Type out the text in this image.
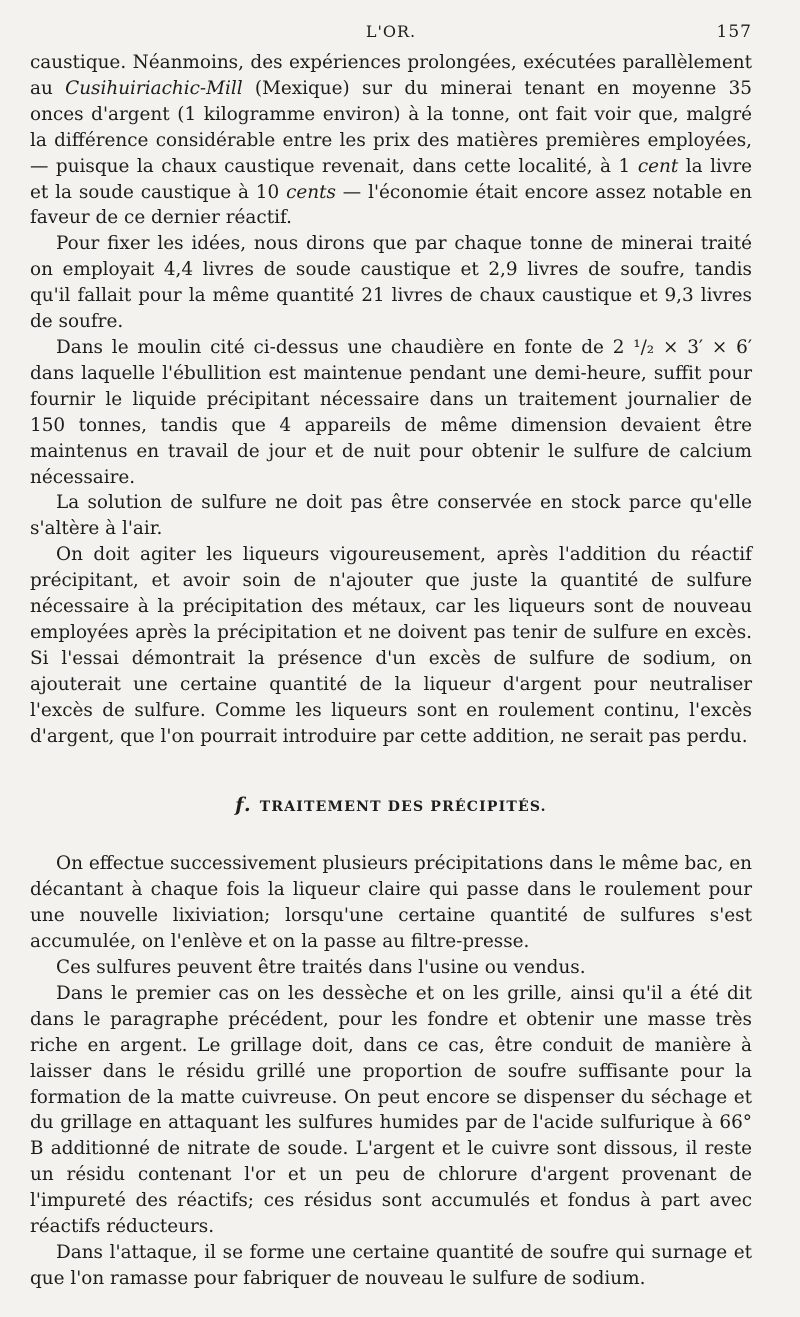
L'OR.	157

caustique. Néanmoins, des expériences prolongées, exécutées parallèlement au Cusihuiriachic-Mill (Mexique) sur du minerai tenant en moyenne 35 onces d'argent (1 kilogramme environ) à la tonne, ont fait voir que, malgré la différence considérable entre les prix des matières premières employées, — puisque la chaux caustique revenait, dans cette localité, à 1 cent la livre et la soude caustique à 10 cents — l'économie était encore assez notable en faveur de ce dernier réactif.

Pour fixer les idées, nous dirons que par chaque tonne de minerai traité on employait 4,4 livres de soude caustique et 2,9 livres de soufre, tandis qu'il fallait pour la même quantité 21 livres de chaux caustique et 9,3 livres de soufre.

Dans le moulin cité ci-dessus une chaudière en fonte de 2 ¹/₂ × 3′ × 6′ dans laquelle l'ébullition est maintenue pendant une demi-heure, suffit pour fournir le liquide précipitant nécessaire dans un traitement journalier de 150 tonnes, tandis que 4 appareils de même dimension devaient être maintenus en travail de jour et de nuit pour obtenir le sulfure de calcium nécessaire.

La solution de sulfure ne doit pas être conservée en stock parce qu'elle s'altère à l'air.

On doit agiter les liqueurs vigoureusement, après l'addition du réactif précipitant, et avoir soin de n'ajouter que juste la quantité de sulfure nécessaire à la précipitation des métaux, car les liqueurs sont de nouveau employées après la précipitation et ne doivent pas tenir de sulfure en excès. Si l'essai démontrait la présence d'un excès de sulfure de sodium, on ajouterait une certaine quantité de la liqueur d'argent pour neutraliser l'excès de sulfure. Comme les liqueurs sont en roulement continu, l'excès d'argent, que l'on pourrait introduire par cette addition, ne serait pas perdu.

f. TRAITEMENT DES PRÉCIPITÉS.

On effectue successivement plusieurs précipitations dans le même bac, en décantant à chaque fois la liqueur claire qui passe dans le roulement pour une nouvelle lixiviation; lorsqu'une certaine quantité de sulfures s'est accumulée, on l'enlève et on la passe au filtre-presse.

Ces sulfures peuvent être traités dans l'usine ou vendus.

Dans le premier cas on les dessèche et on les grille, ainsi qu'il a été dit dans le paragraphe précédent, pour les fondre et obtenir une masse très riche en argent. Le grillage doit, dans ce cas, être conduit de manière à laisser dans le résidu grillé une proportion de soufre suffisante pour la formation de la matte cuivreuse. On peut encore se dispenser du séchage et du grillage en attaquant les sulfures humides par de l'acide sulfurique à 66° B additionné de nitrate de soude. L'argent et le cuivre sont dissous, il reste un résidu contenant l'or et un peu de chlorure d'argent provenant de l'impureté des réactifs; ces résidus sont accumulés et fondus à part avec réactifs réducteurs.

Dans l'attaque, il se forme une certaine quantité de soufre qui surnage et que l'on ramasse pour fabriquer de nouveau le sulfure de sodium.
